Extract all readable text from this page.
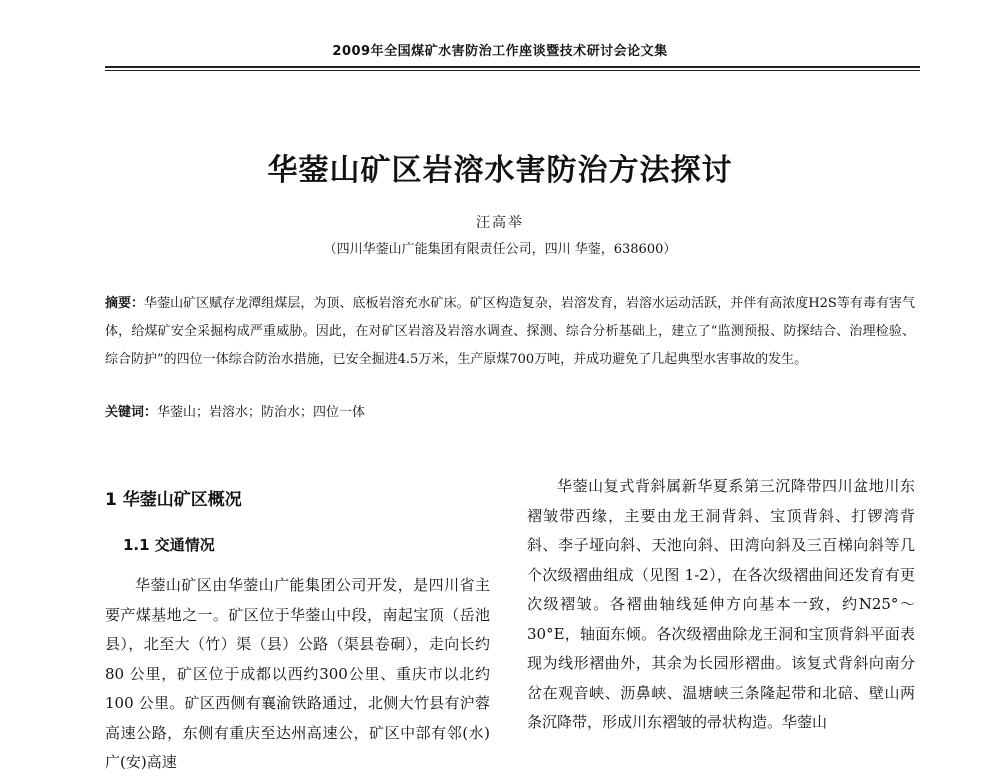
2009年全国煤矿水害防治工作座谈暨技术研讨会论文集
华蓥山矿区岩溶水害防治方法探讨
汪高举
（四川华蓥山广能集团有限责任公司，四川 华蓥，638600）
摘要：华蓥山矿区赋存龙潭组煤层，为顶、底板岩溶充水矿床。矿区构造复杂，岩溶发育，岩溶水运动活跃，并伴有高浓度H2S等有毒有害气体，给煤矿安全采掘构成严重威胁。因此，在对矿区岩溶及岩溶水调查、探测、综合分析基础上，建立了“监测预报、防探结合、治理检验、综合防护”的四位一体综合防治水措施，已安全掘进4.5万米，生产原煤700万吨，并成功避免了几起典型水害事故的发生。
关键词：华蓥山；岩溶水；防治水；四位一体
1 华蓥山矿区概况
1.1 交通情况

华蓥山矿区由华蓥山广能集团公司开发，是四川省主要产煤基地之一。矿区位于华蓥山中段，南起宝顶（岳池县），北至大（竹）渠（县）公路（渠县卷硐），走向长约 80 公里，矿区位于成都以西约300公里、重庆市以北约 100 公里。矿区西侧有襄渝铁路通过，北侧大竹县有沪蓉高速公路，东侧有重庆至达州高速公，矿区中部有邻(水)广(安)高速

华蓥山复式背斜属新华夏系第三沉降带四川盆地川东褶皱带西缘，主要由龙王洞背斜、宝顶背斜、打锣湾背斜、李子垭向斜、天池向斜、田湾向斜及三百梯向斜等几个次级褶曲组成（见图 1-2），在各次级褶曲间还发育有更次级褶皱。各褶曲轴线延伸方向基本一致，约N25°～30°E，轴面东倾。各次级褶曲除龙王洞和宝顶背斜平面表现为线形褶曲外，其余为长园形褶曲。该复式背斜向南分岔在观音峡、沥鼻峡、温塘峡三条隆起带和北碚、壁山两条沉降带，形成川东褶皱的帚状构造。华蓥山
